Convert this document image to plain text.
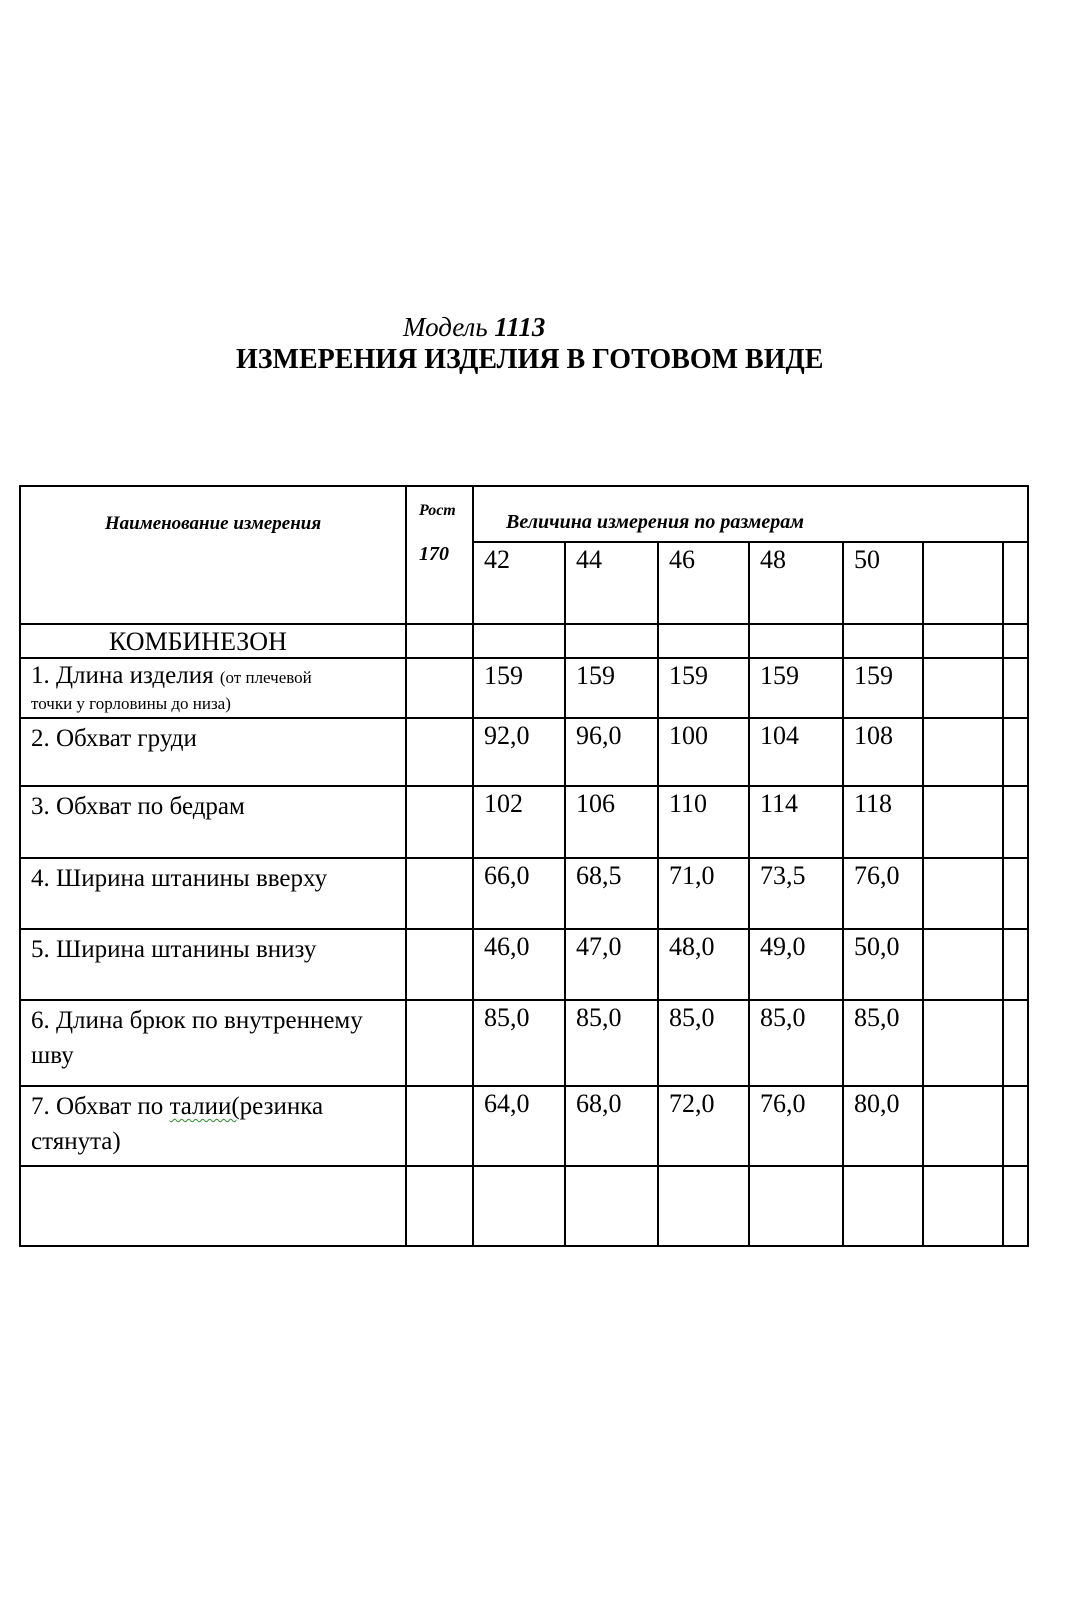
Модель 1113
ИЗМЕРЕНИЯ ИЗДЕЛИЯ В ГОТОВОМ ВИДЕ
Наименование измерения	Рост
170	Величина измерения по размерам						
		42	44	46	48	50		
КОМБИНЕЗОН								
1. Длина изделия (от плечевой
точки у горловины до низа)		159	159	159	159	159		
2. Обхват груди		92,0	96,0	100	104	108		
3. Обхват по бедрам		102	106	110	114	118		
4. Ширина штанины вверху		66,0	68,5	71,0	73,5	76,0		
5. Ширина штанины внизу		46,0	47,0	48,0	49,0	50,0		
6. Длина брюк по внутреннему шву		85,0	85,0	85,0	85,0	85,0		
7. Обхват по талии(резинка стянута)		64,0	68,0	72,0	76,0	80,0		
